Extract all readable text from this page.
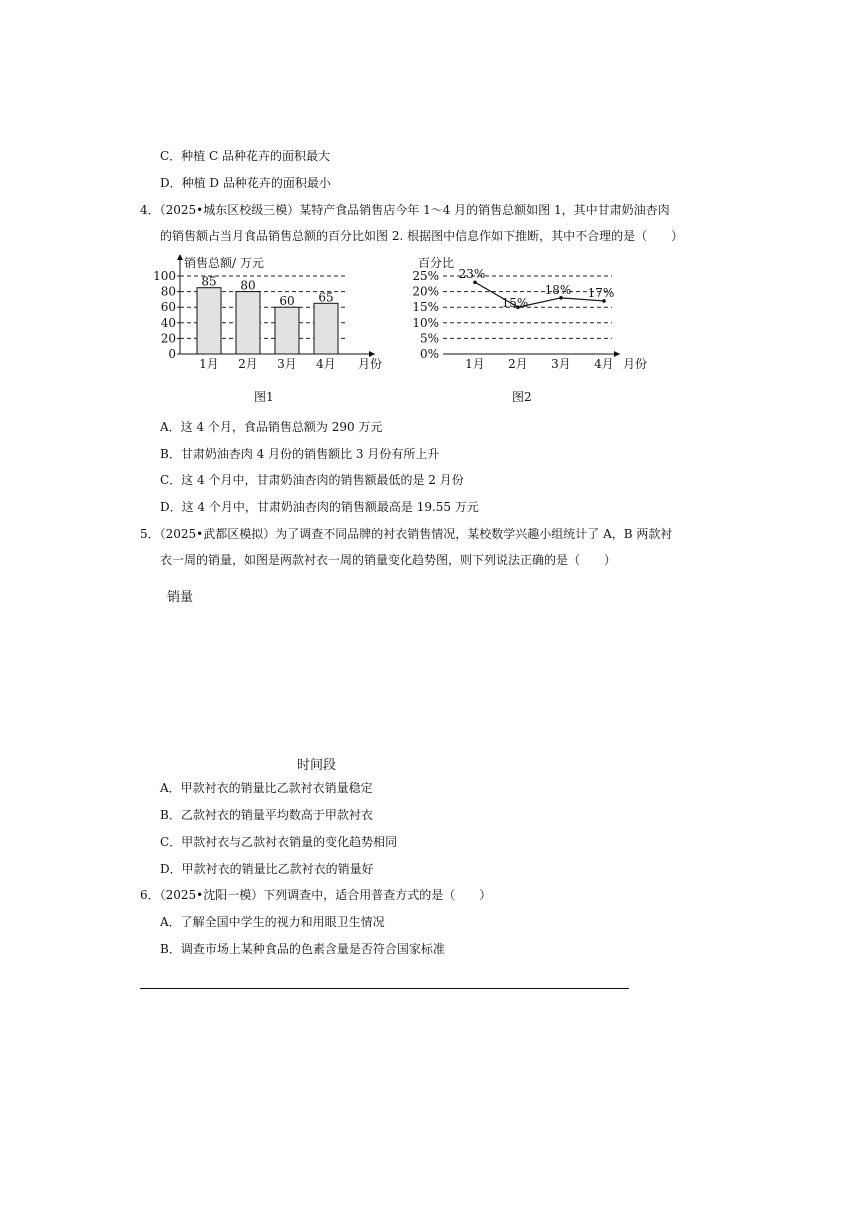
C．种植 C 品种花卉的面积最大
D．种植 D 品种花卉的面积最小
4．（2025•城东区校级三模）某特产食品销售店今年 1～4 月的销售总额如图 1，其中甘肃奶油杏肉
的销售额占当月食品销售总额的百分比如图 2. 根据图中信息作如下推断，其中不合理的是（　　）
销售总额/ 万元
0
20
40
60
80
100 85
1月
80
2月
60
3月
65
4月 月份
百分比
0%
5%
10%
15%
20%
25% 23%
1月
15%
2月
18%
3月
17%
4月 月份
图1	图2
A．这 4 个月，食品销售总额为 290 万元
B．甘肃奶油杏肉 4 月份的销售额比 3 月份有所上升
C．这 4 个月中，甘肃奶油杏肉的销售额最低的是 2 月份
D．这 4 个月中，甘肃奶油杏肉的销售额最高是 19.55 万元
5．（2025•武都区模拟）为了调查不同品牌的衬衣销售情况，某校数学兴趣小组统计了 A，B 两款衬
衣一周的销量，如图是两款衬衣一周的销量变化趋势图，则下列说法正确的是（　　）
销量
时间段
A．甲款衬衣的销量比乙款衬衣销量稳定
B．乙款衬衣的销量平均数高于甲款衬衣
C．甲款衬衣与乙款衬衣销量的变化趋势相同
D．甲款衬衣的销量比乙款衬衣的销量好
6．（2025•沈阳一模）下列调查中，适合用普查方式的是（　　）
A．了解全国中学生的视力和用眼卫生情况
B．调查市场上某种食品的色素含量是否符合国家标准
